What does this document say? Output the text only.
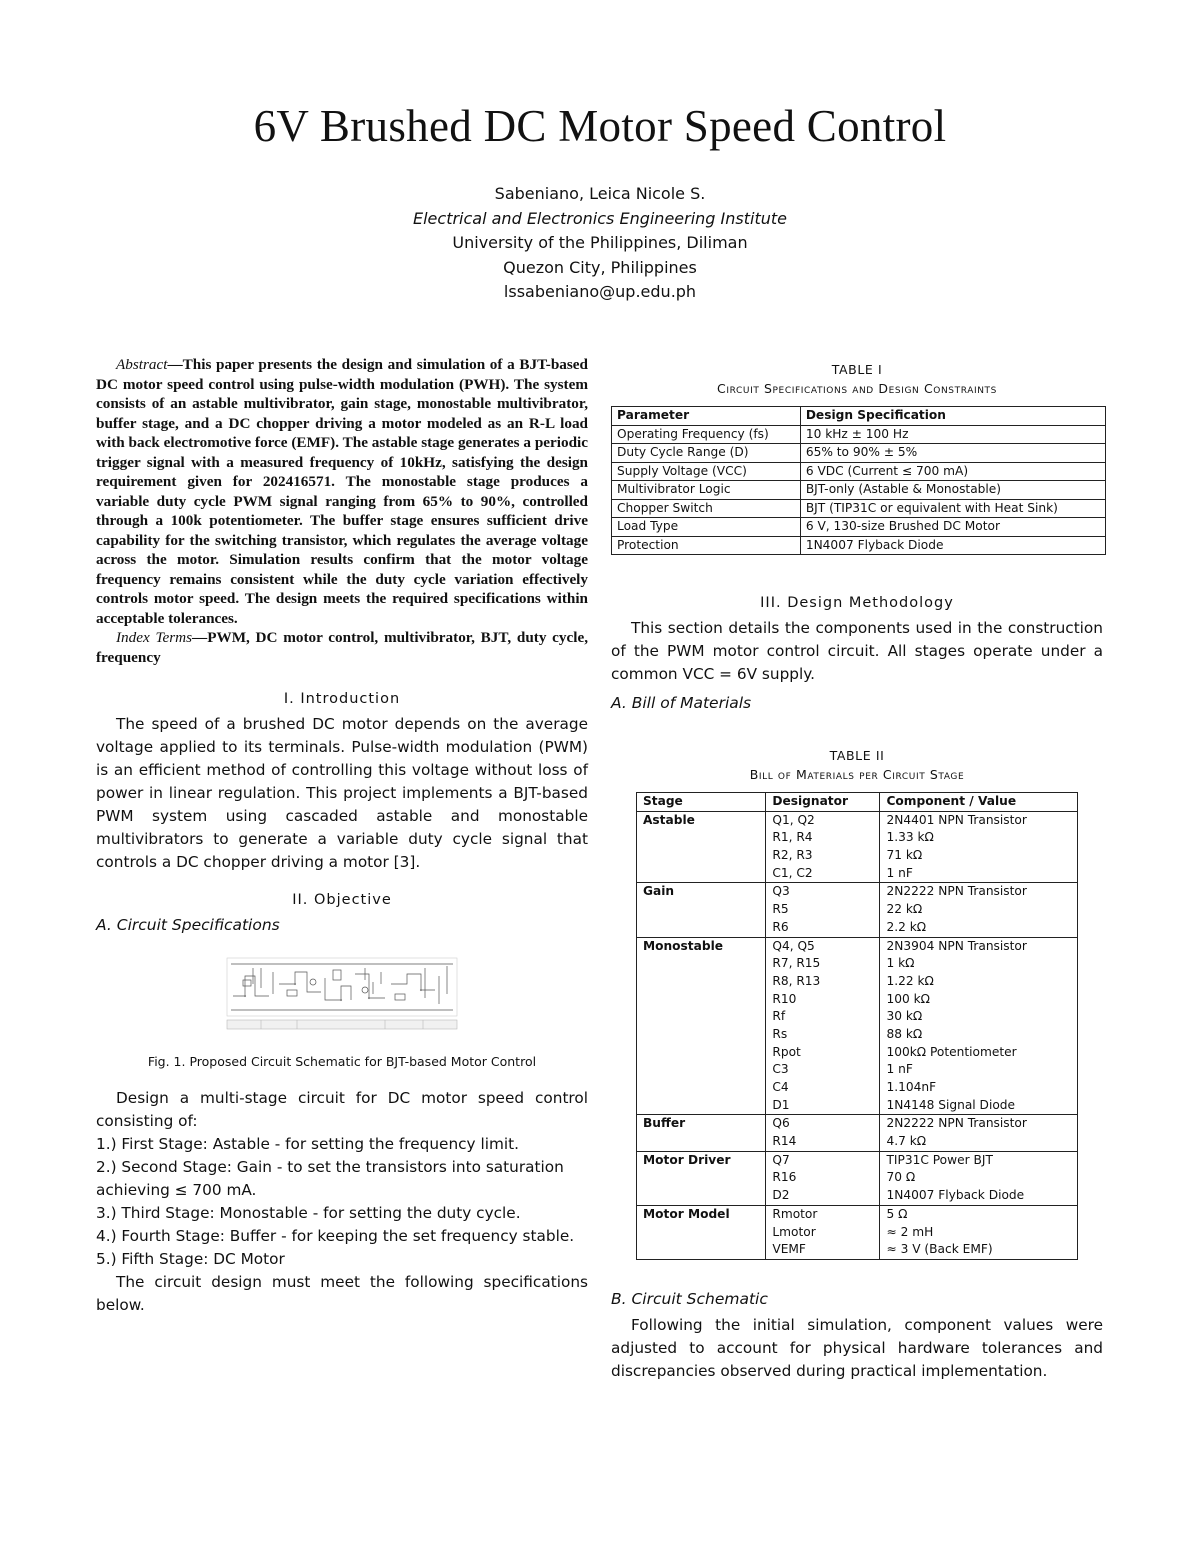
6V Brushed DC Motor Speed Control
Sabeniano, Leica Nicole S.
Electrical and Electronics Engineering Institute
University of the Philippines, Diliman
Quezon City, Philippines
lssabeniano@up.edu.ph

Abstract—This paper presents the design and simulation of a BJT-based DC motor speed control using pulse-width modulation (PWH). The system consists of an astable multivibrator, gain stage, monostable multivibrator, buffer stage, and a DC chopper driving a motor modeled as an R-L load with back electromotive force (EMF). The astable stage generates a periodic trigger signal with a measured frequency of 10kHz, satisfying the design requirement given for 202416571. The monostable stage produces a variable duty cycle PWM signal ranging from 65% to 90%, controlled through a 100k potentiometer. The buffer stage ensures sufficient drive capability for the switching transistor, which regulates the average voltage across the motor. Simulation results confirm that the motor voltage frequency remains consistent while the duty cycle variation effectively controls motor speed. The design meets the required specifications within acceptable tolerances.

Index Terms—PWM, DC motor control, multivibrator, BJT, duty cycle, frequency

I. Introduction

The speed of a brushed DC motor depends on the average voltage applied to its terminals. Pulse-width modulation (PWM) is an efficient method of controlling this voltage without loss of power in linear regulation. This project implements a BJT-based PWM system using cascaded astable and monostable multivibrators to generate a variable duty cycle signal that controls a DC chopper driving a motor [3].

II. Objective
A. Circuit Specifications
Fig. 1. Proposed Circuit Schematic for BJT-based Motor Control

Design a multi-stage circuit for DC motor speed control consisting of:

1.) First Stage: Astable - for setting the frequency limit.

2.) Second Stage: Gain - to set the transistors into saturation achieving ≤ 700 mA.

3.) Third Stage: Monostable - for setting the duty cycle.

4.) Fourth Stage: Buffer - for keeping the set frequency stable.

5.) Fifth Stage: DC Motor

The circuit design must meet the following specifications below.

TABLE I
Circuit Specifications and Design Constraints
Parameter	Design Specification
Operating Frequency (fs)	10 kHz ± 100 Hz
Duty Cycle Range (D)	65% to 90% ± 5%
Supply Voltage (VCC)	6 VDC (Current ≤ 700 mA)
Multivibrator Logic	BJT-only (Astable & Monostable)
Chopper Switch	BJT (TIP31C or equivalent with Heat Sink)
Load Type	6 V, 130-size Brushed DC Motor
Protection	1N4007 Flyback Diode
III. Design Methodology

This section details the components used in the construction of the PWM motor control circuit. All stages operate under a common VCC = 6V supply.

A. Bill of Materials
TABLE II
Bill of Materials per Circuit Stage
Stage	Designator	Component / Value
Astable	Q1, Q2	2N4401 NPN Transistor
	R1, R4	1.33 kΩ
	R2, R3	71 kΩ
	C1, C2	1 nF
Gain	Q3	2N2222 NPN Transistor
	R5	22 kΩ
	R6	2.2 kΩ
Monostable	Q4, Q5	2N3904 NPN Transistor
	R7, R15	1 kΩ
	R8, R13	1.22 kΩ
	R10	100 kΩ
	Rf	30 kΩ
	Rs	88 kΩ
	Rpot	100kΩ Potentiometer
	C3	1 nF
	C4	1.104nF
	D1	1N4148 Signal Diode
Buffer	Q6	2N2222 NPN Transistor
	R14	4.7 kΩ
Motor Driver	Q7	TIP31C Power BJT
	R16	70 Ω
	D2	1N4007 Flyback Diode
Motor Model	Rmotor	5 Ω
	Lmotor	≈ 2 mH
	VEMF	≈ 3 V (Back EMF)
B. Circuit Schematic

Following the initial simulation, component values were adjusted to account for physical hardware tolerances and discrepancies observed during practical implementation.
